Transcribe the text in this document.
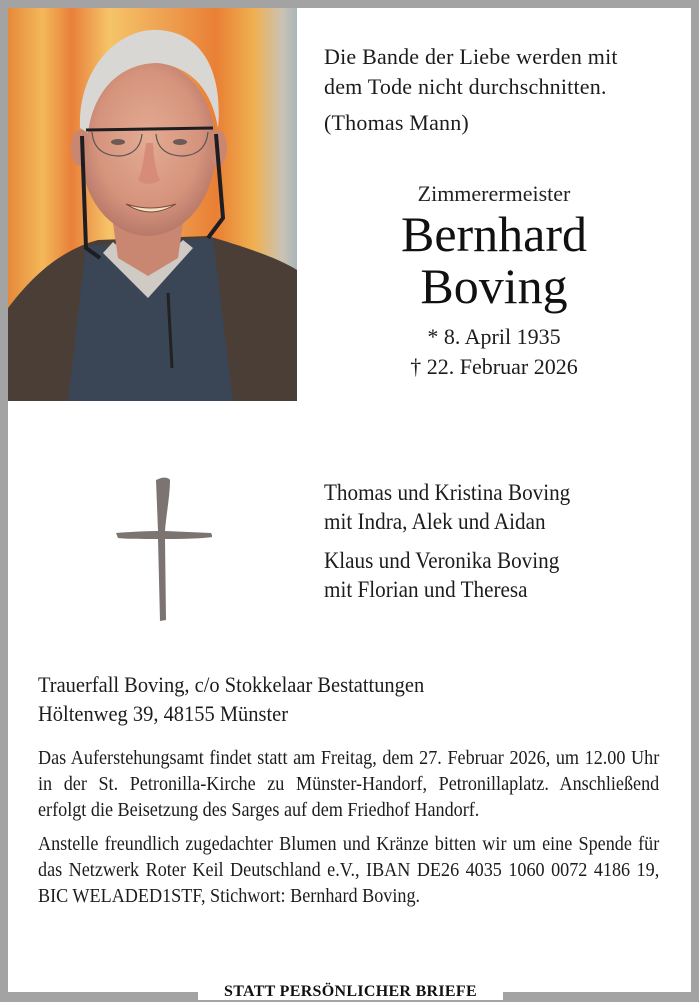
Die Bande der Liebe werden mit
dem Tode nicht durchschnitten.
(Thomas Mann)
Zimmerermeister
Bernhard
Boving
* 8. April 1935
† 22. Februar 2026
Thomas und Kristina Boving
mit Indra, Alek und Aidan
Klaus und Veronika Boving
mit Florian und Theresa
Trauerfall Boving, c/o Stokkelaar Bestattungen
Höltenweg 39, 48155 Münster

Das Auferstehungsamt findet statt am Freitag, dem 27. Februar 2026, um 12.00 Uhr in der St. Petronilla-Kirche zu Münster-Handorf, Petronillaplatz. Anschließend erfolgt die Beisetzung des Sarges auf dem Friedhof Handorf.

Anstelle freundlich zugedachter Blumen und Kränze bitten wir um eine Spende für das Netzwerk Roter Keil Deutschland e.V., IBAN DE26 4035 1060 0072 4186 19, BIC WELADED1STF, Stichwort: Bernhard Boving.

STATT PERSÖNLICHER BRIEFE
